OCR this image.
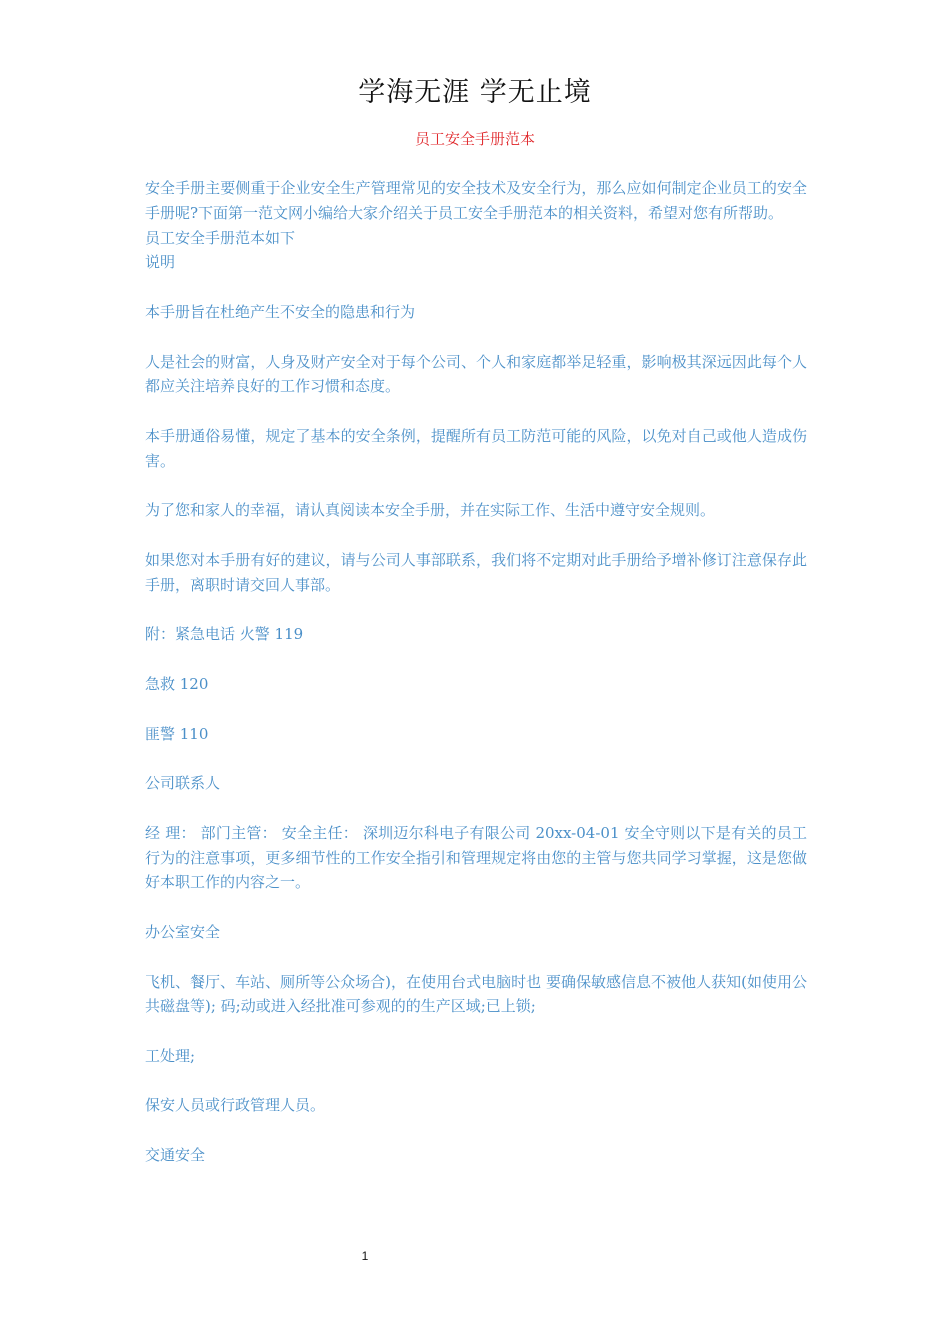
学海无涯 学无止境
员工安全手册范本

安全手册主要侧重于企业安全生产管理常见的安全技术及安全行为，那么应如何制定企业员工的安全手册呢?下面第一范文网小编给大家介绍关于员工安全手册范本的相关资料，希望对您有所帮助。

员工安全手册范本如下

说明

本手册旨在杜绝产生不安全的隐患和行为

人是社会的财富，人身及财产安全对于每个公司、个人和家庭都举足轻重，影响极其深远因此每个人都应关注培养良好的工作习惯和态度。

本手册通俗易懂，规定了基本的安全条例，提醒所有员工防范可能的风险，以免对自己或他人造成伤害。

为了您和家人的幸福，请认真阅读本安全手册，并在实际工作、生活中遵守安全规则。

如果您对本手册有好的建议，请与公司人事部联系，我们将不定期对此手册给予增补修订注意保存此手册，离职时请交回人事部。

附：紧急电话 火警 119

急救 120

匪警 110

公司联系人

经 理： 部门主管： 安全主任： 深圳迈尔科电子有限公司 20xx-04-01 安全守则以下是有关的员工行为的注意事项，更多细节性的工作安全指引和管理规定将由您的主管与您共同学习掌握，这是您做好本职工作的内容之一。

办公室安全

飞机、餐厅、车站、厕所等公众场合)，在使用台式电脑时也 要确保敏感信息不被他人获知(如使用公共磁盘等); 码;动或进入经批准可参观的的生产区域;已上锁;

工处理;

保安人员或行政管理人员。

交通安全

1
